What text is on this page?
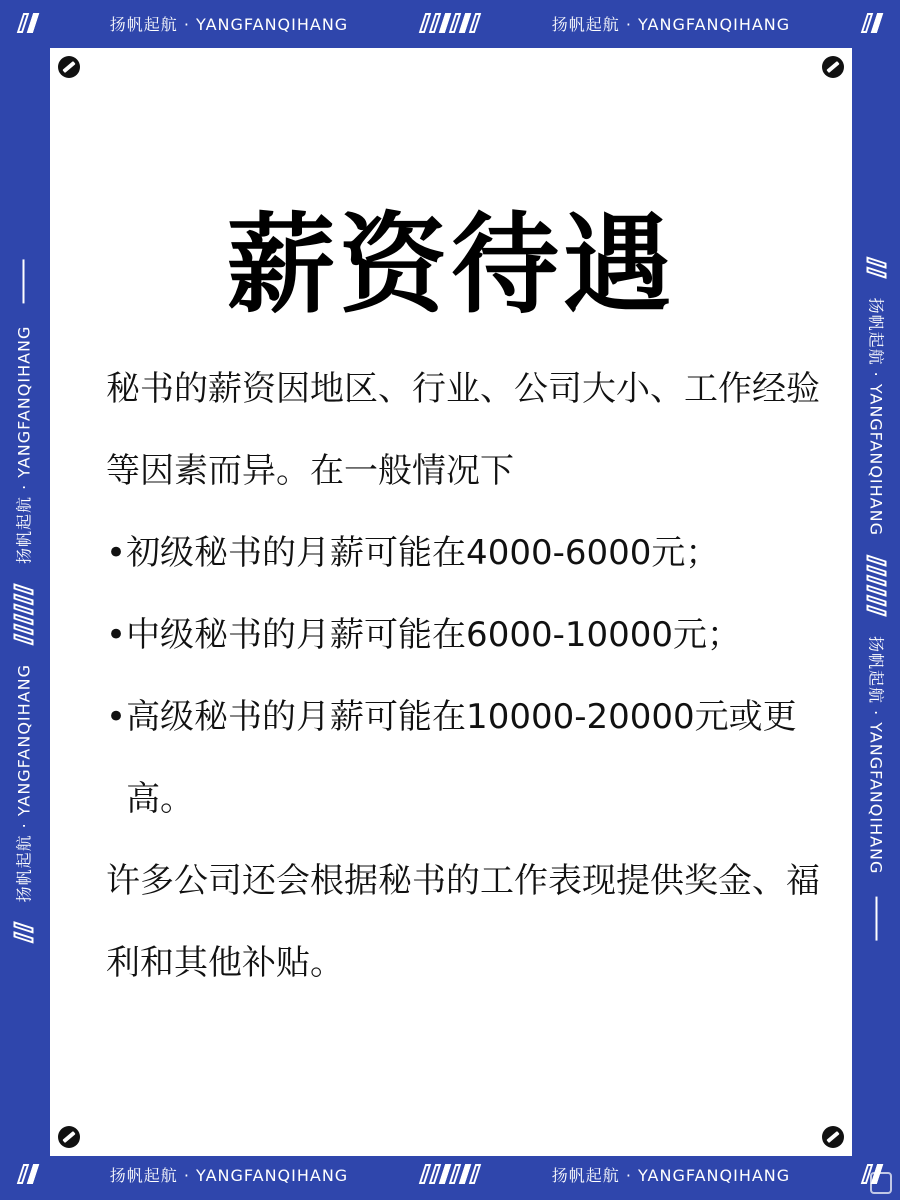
扬帆起航 · YANGFANQIHANG	扬帆起航 · YANGFANQIHANG
扬帆起航 · YANGFANQIHANG
扬帆起航 · YANGFANQIHANG	扬帆起航 · YANGFANQIHANG
扬帆起航 · YANGFANQIHANG
扬帆起航 · YANGFANQIHANG	扬帆起航 · YANGFANQIHANG
薪资待遇

秘书的薪资因地区、行业、公司大小、工作经验等因素而异。在一般情况下

• 初级秘书的月薪可能在4000-6000元；
• 中级秘书的月薪可能在6000-10000元；
• 高级秘书的月薪可能在10000-20000元或更高。

许多公司还会根据秘书的工作表现提供奖金、福利和其他补贴。
